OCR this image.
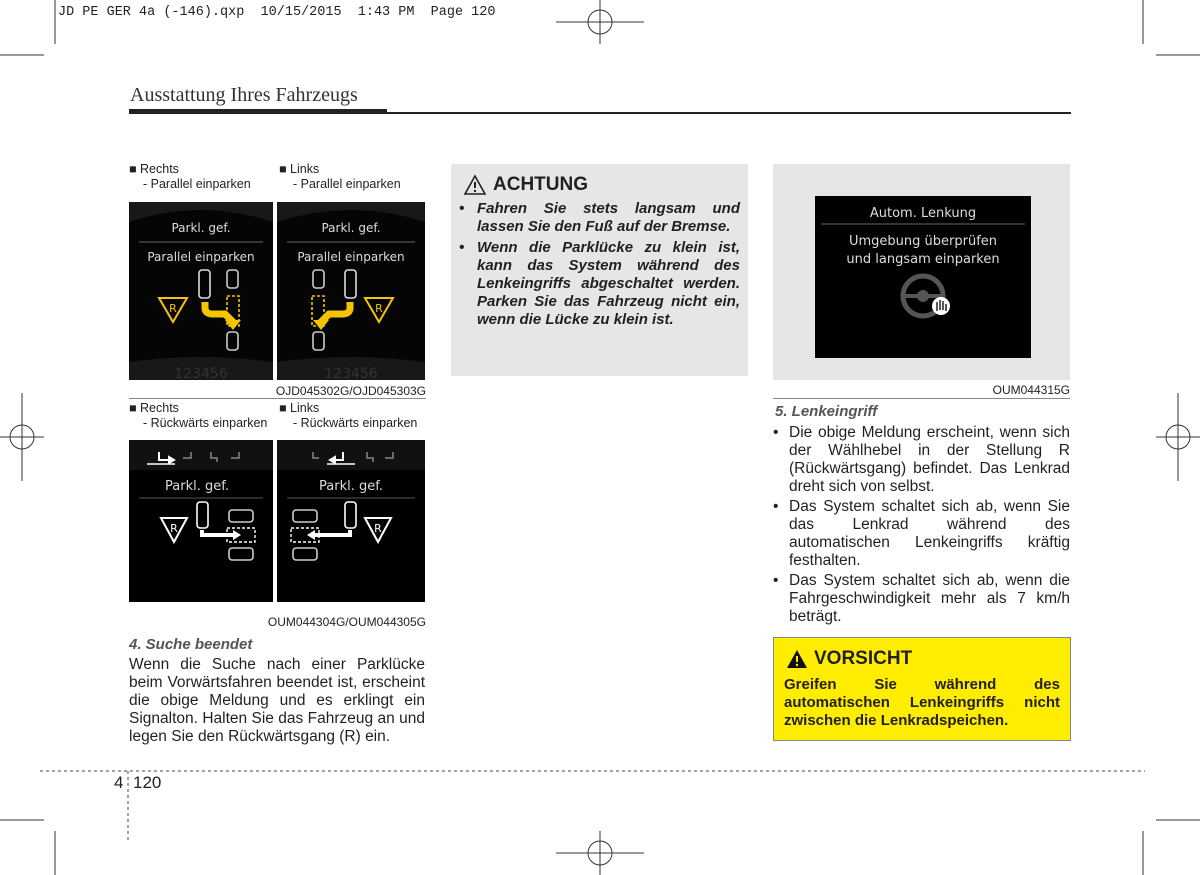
JD PE GER 4a (-146).qxp  10/15/2015  1:43 PM  Page 120
Ausstattung Ihres Fahrzeugs
■ Rechts
- Parallel einparken
■ Links
- Parallel einparken
Parkl. gef.
Parallel einparken
R
123456
Parkl. gef.
Parallel einparken
R
123456
OJD045302G/OJD045303G
■ Rechts
- Rückwärts einparken
■ Links
- Rückwärts einparken
Parkl. gef.
R
Parkl. gef.
R
OUM044304G/OUM044305G
4. Suche beendet
Wenn die Suche nach einer Parklücke beim Vorwärtsfahren beendet ist, erscheint die obige Meldung und es erklingt ein Signalton. Halten Sie das Fahrzeug an und legen Sie den Rückwärtsgang (R) ein.
ACHTUNG
• Fahren Sie stets langsam und lassen Sie den Fuß auf der Bremse.
• Wenn die Parklücke zu klein ist, kann das System während des Lenkeingriffs abgeschaltet werden. Parken Sie das Fahrzeug nicht ein, wenn die Lücke zu klein ist.
Autom. Lenkung
Umgebung überprüfen
und langsam einparken
OUM044315G
5. Lenkeingriff
• Die obige Meldung erscheint, wenn sich der Wählhebel in der Stellung R (Rückwärtsgang) befindet. Das Lenkrad dreht sich von selbst.
• Das System schaltet sich ab, wenn Sie das Lenkrad während des automatischen Lenkeingriffs kräftig festhalten.
• Das System schaltet sich ab, wenn die Fahrgeschwindigkeit mehr als 7 km/h beträgt.
VORSICHT
Greifen Sie während des automatischen Lenkeingriffs nicht zwischen die Lenkradspeichen.
4 120
